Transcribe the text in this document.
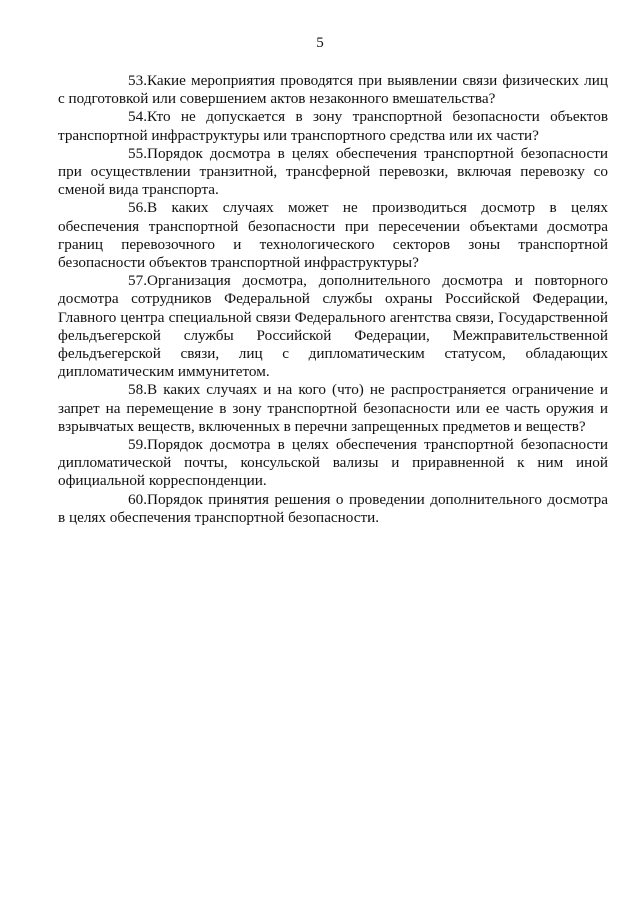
5

53.Какие мероприятия проводятся при выявлении связи физических лиц с подготовкой или совершением актов незаконного вмешательства?

54.Кто не допускается в зону транспортной безопасности объектов транспортной инфраструктуры или транспортного средства или их части?

55.Порядок досмотра в целях обеспечения транспортной безопасности при осуществлении транзитной, трансферной перевозки, включая перевозку со сменой вида транспорта.

56.В каких случаях может не производиться досмотр в целях обеспечения транспортной безопасности при пересечении объектами досмотра границ перевозочного и технологического секторов зоны транспортной безопасности объектов транспортной инфраструктуры?

57.Организация досмотра, дополнительного досмотра и повторного досмотра сотрудников Федеральной службы охраны Российской Федерации, Главного центра специальной связи Федерального агентства связи, Государственной фельдъегерской службы Российской Федерации, Межправительственной фельдъегерской связи, лиц с дипломатическим статусом, обладающих дипломатическим иммунитетом.

58.В каких случаях и на кого (что) не распространяется ограничение и запрет на перемещение в зону транспортной безопасности или ее часть оружия и взрывчатых веществ, включенных в перечни запрещенных предметов и веществ?

59.Порядок досмотра в целях обеспечения транспортной безопасности дипломатической почты, консульской вализы и приравненной к ним иной официальной корреспонденции.

60.Порядок принятия решения о проведении дополнительного досмотра в целях обеспечения транспортной безопасности.
